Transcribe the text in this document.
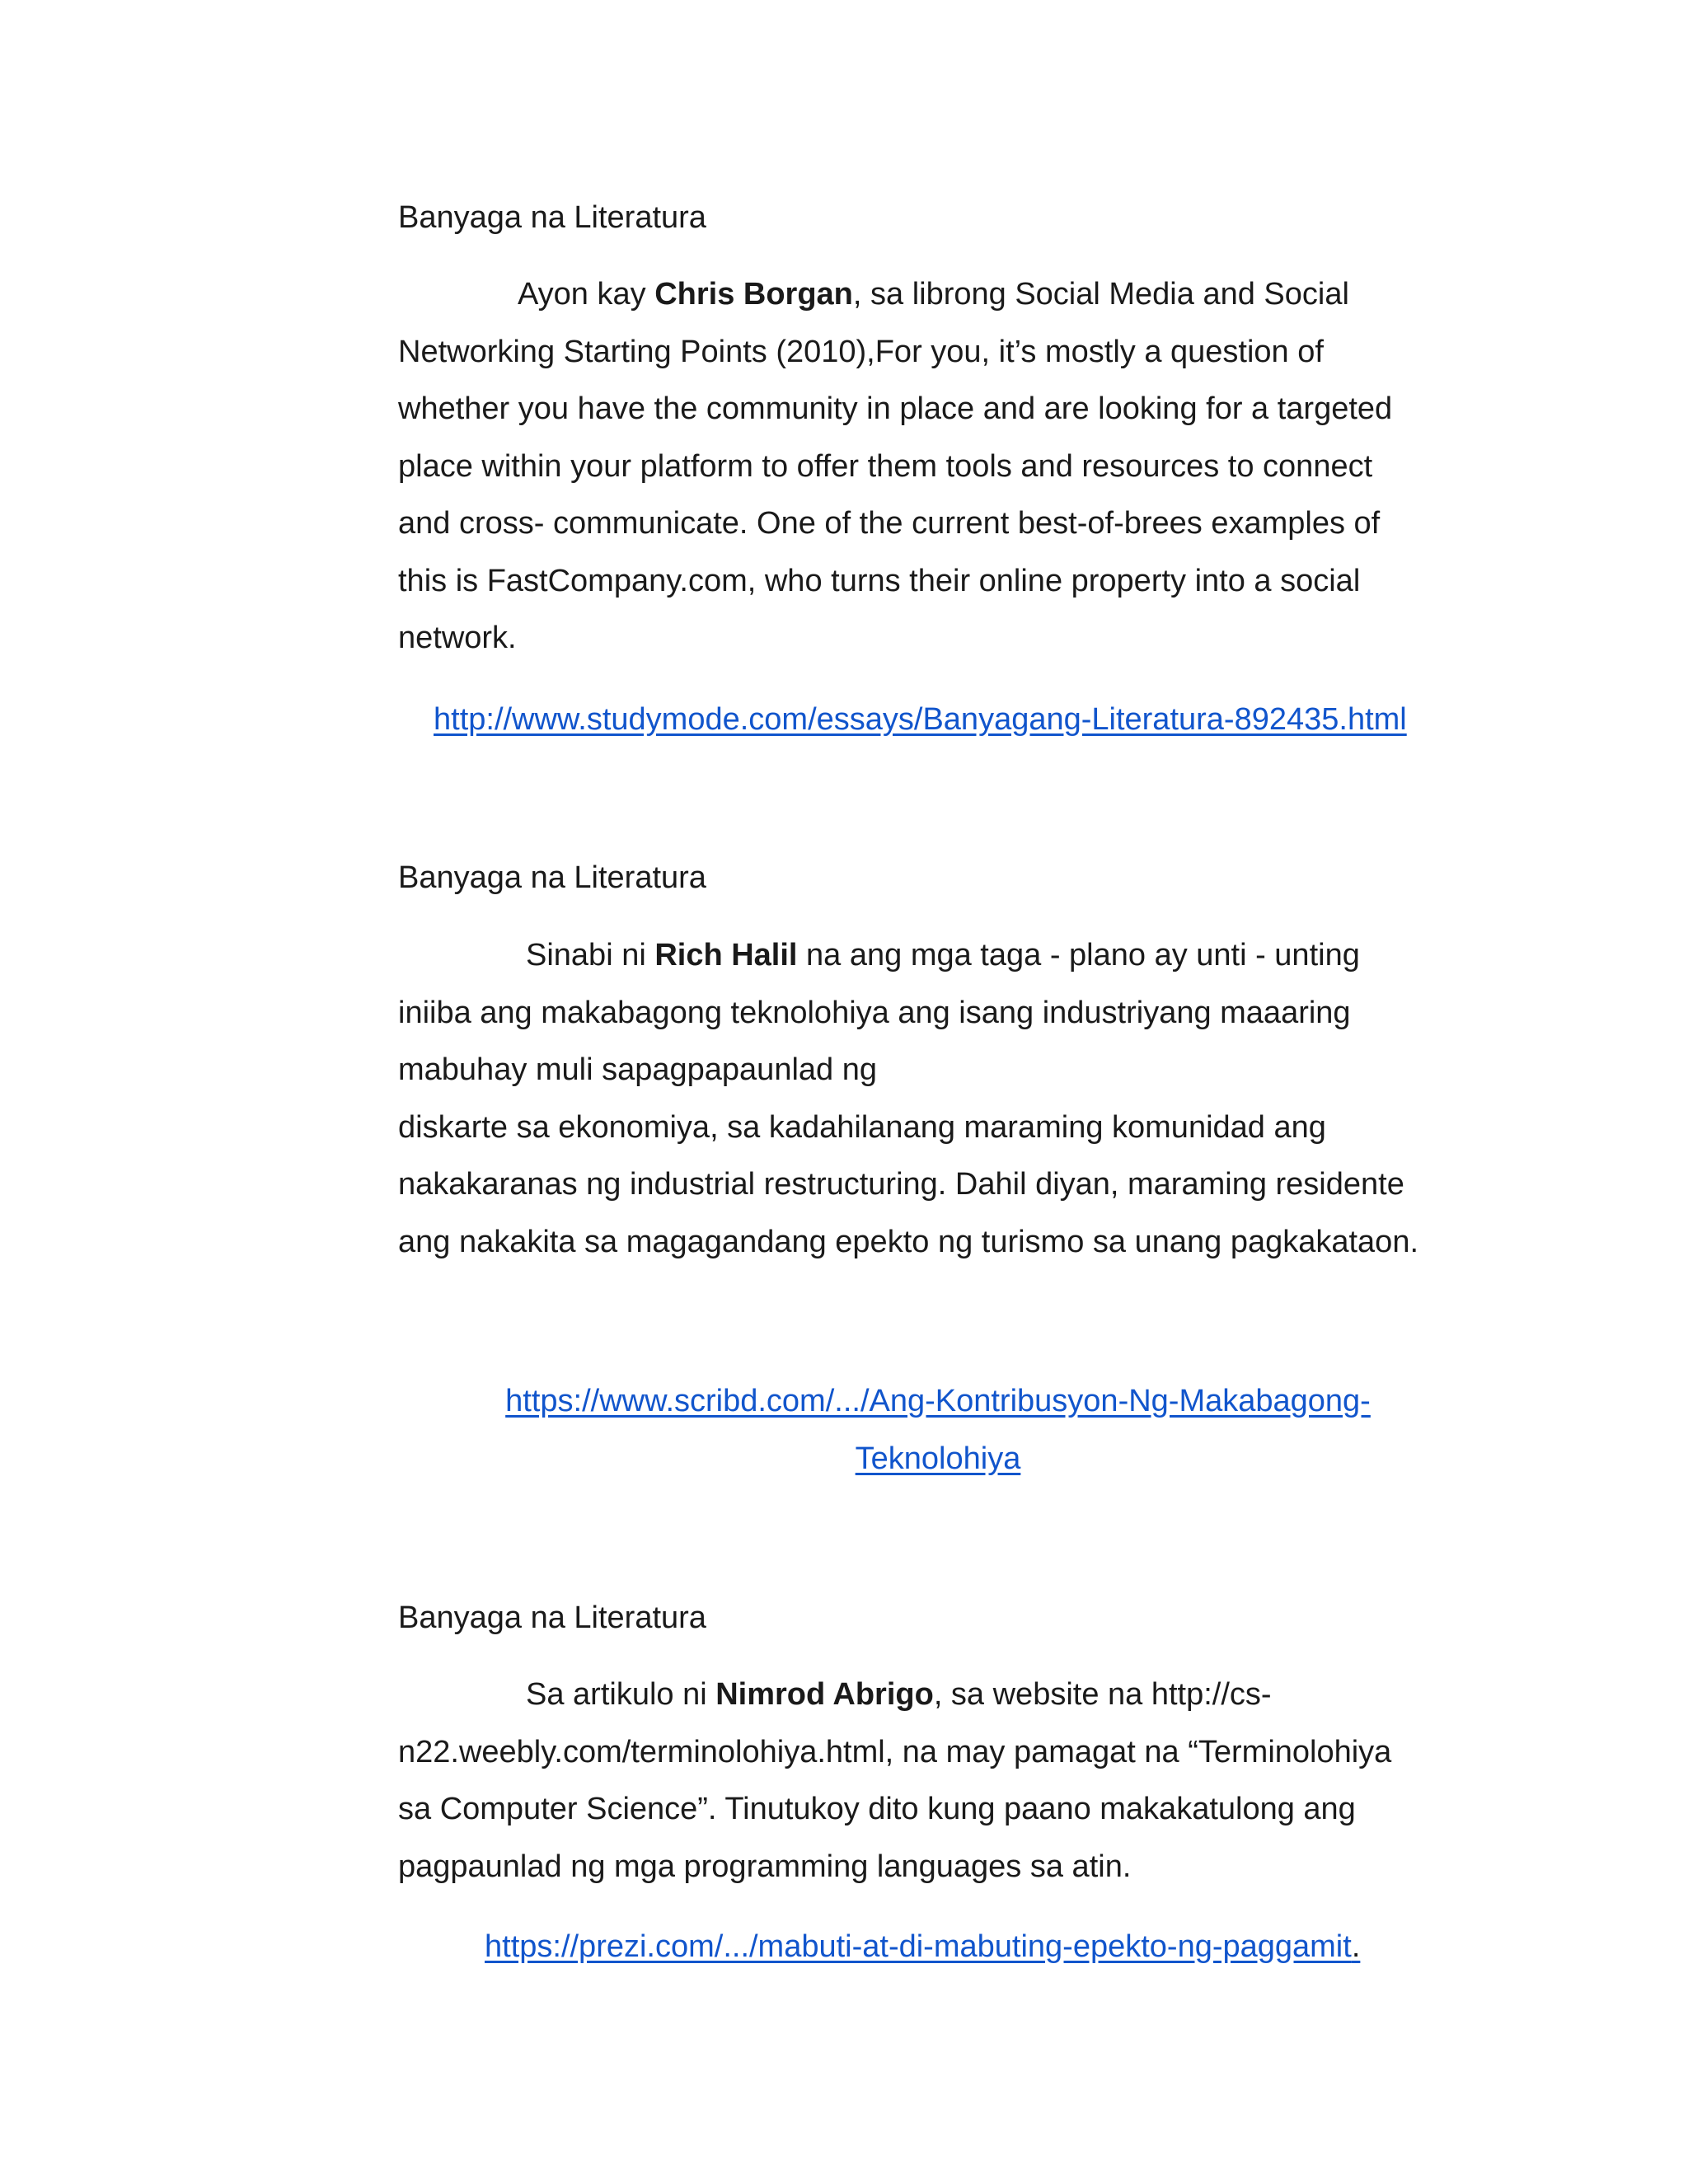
Banyaga na Literatura
Ayon kay Chris Borgan, sa librong Social Media and Social
Networking Starting Points (2010),For you, it’s mostly a question of
whether you have the community in place and are looking for a targeted
place within your platform to offer them tools and resources to connect
and cross- communicate. One of the current best-of-brees examples of
this is FastCompany.com, who turns their online property into a social
network.
http://www.studymode.com/essays/Banyagang-Literatura-892435.html
Banyaga na Literatura
Sinabi ni Rich Halil na ang mga taga - plano ay unti - unting
iniiba ang makabagong teknolohiya ang isang industriyang maaaring
mabuhay muli sapagpapaunlad ng
diskarte sa ekonomiya, sa kadahilanang maraming komunidad ang
nakakaranas ng industrial restructuring. Dahil diyan, maraming residente
ang nakakita sa magagandang epekto ng turismo sa unang pagkakataon.
https://www.scribd.com/.../Ang-Kontribusyon-Ng-Makabagong-
Teknolohiya
Banyaga na Literatura
Sa artikulo ni Nimrod Abrigo, sa website na http://cs-
n22.weebly.com/terminolohiya.html, na may pamagat na “Terminolohiya
sa Computer Science”. Tinutukoy dito kung paano makakatulong ang
pagpaunlad ng mga programming languages sa atin.
https://prezi.com/.../mabuti-at-di-mabuting-epekto-ng-paggamit.
